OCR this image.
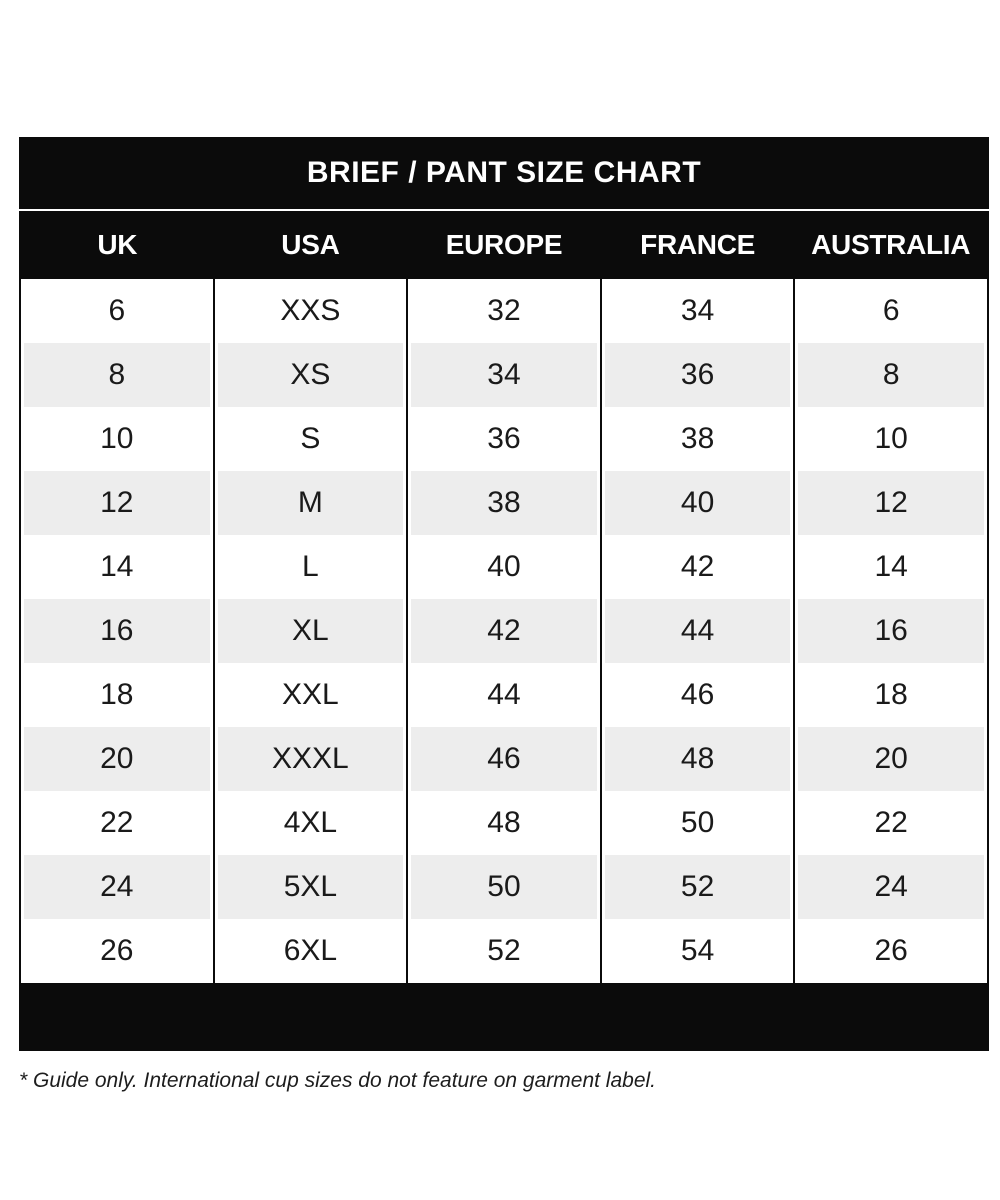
BRIEF / PANT SIZE CHART
UK	USA	EUROPE	FRANCE	AUSTRALIA
6	XXS	32	34	6
8	XS	34	36	8
10	S	36	38	10
12	M	38	40	12
14	L	40	42	14
16	XL	42	44	16
18	XXL	44	46	18
20	XXXL	46	48	20
22	4XL	48	50	22
24	5XL	50	52	24
26	6XL	52	54	26
* Guide only. International cup sizes do not feature on garment label.
